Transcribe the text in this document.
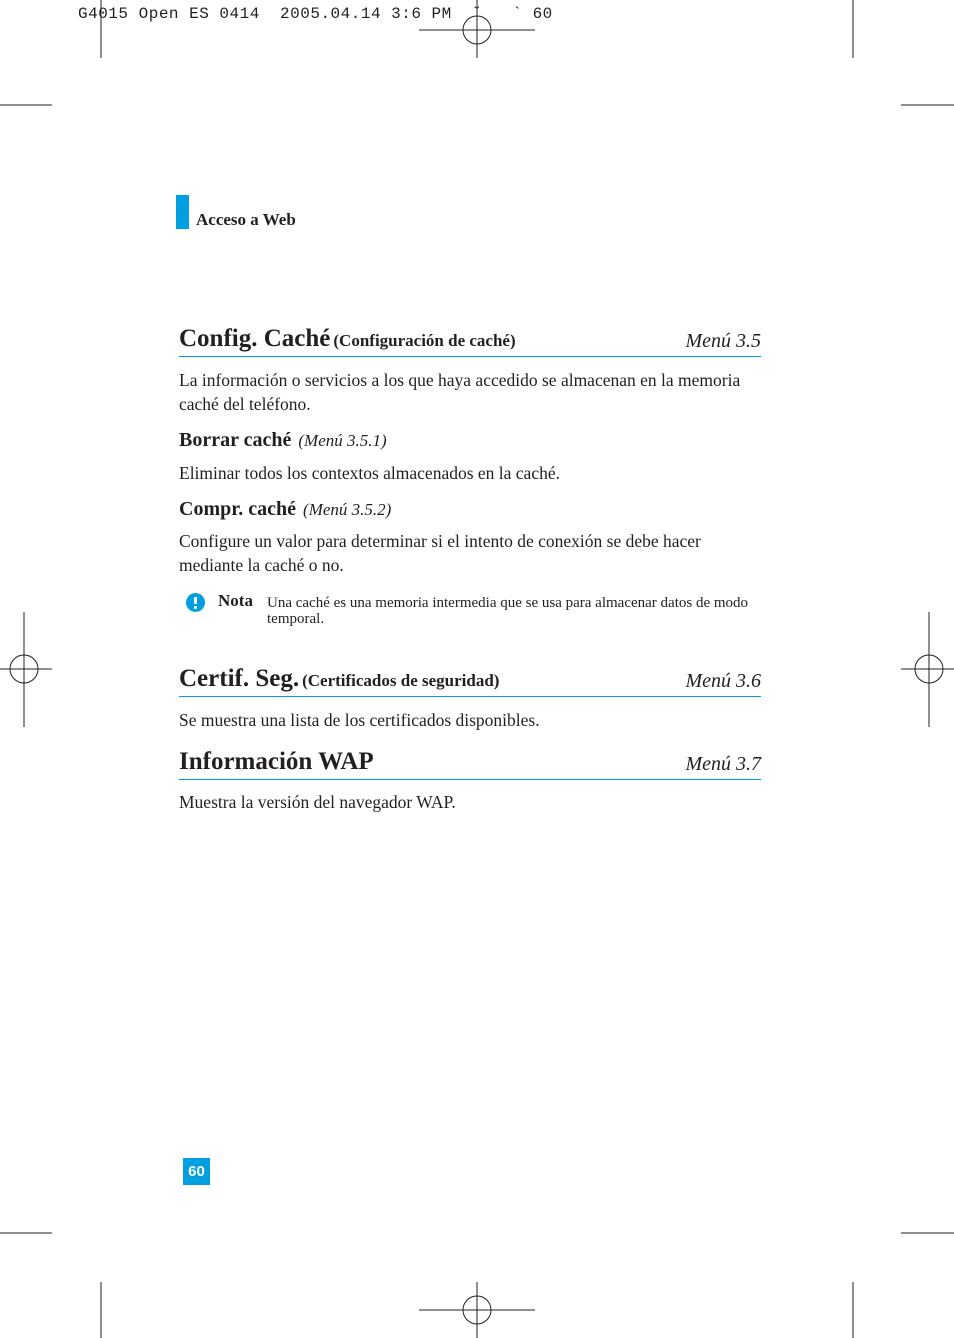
G4015 Open ES 0414  2005.04.14 3:6 PM  ˘   ` 60
Acceso a Web
Config. Caché (Configuración de caché)	Menú 3.5
La información o servicios a los que haya accedido se almacenan en la memoria caché del teléfono.
Borrar caché (Menú 3.5.1)
Eliminar todos los contextos almacenados en la caché.
Compr. caché (Menú 3.5.2)
Configure un valor para determinar si el intento de conexión se debe hacer mediante la caché o no.
Nota Una caché es una memoria intermedia que se usa para almacenar datos de modo temporal.
Certif. Seg. (Certificados de seguridad)	Menú 3.6
Se muestra una lista de los certificados disponibles.
Información WAP	Menú 3.7
Muestra la versión del navegador WAP.
60
